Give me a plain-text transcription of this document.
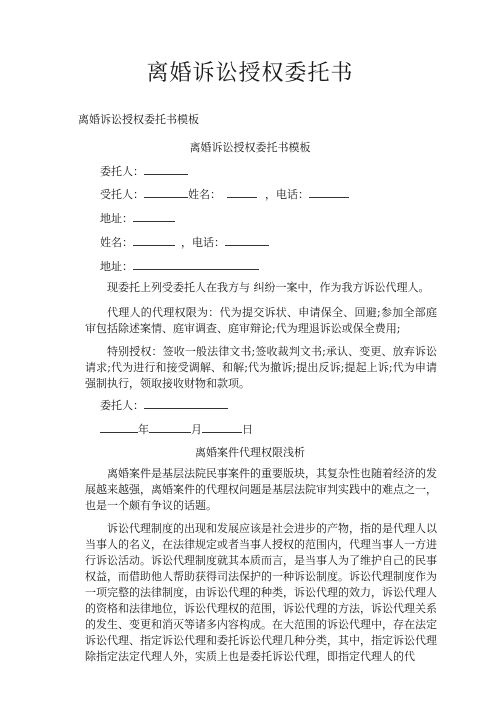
离婚诉讼授权委托书
离婚诉讼授权委托书模板
离婚诉讼授权委托书模板
委托人：
受托人：	姓名：	，电话：
地址：
姓名：	，电话：
地址：
现委托上列受委托人在我方与 纠纷一案中，作为我方诉讼代理人。
代理人的代理权限为：代为提交诉状、申请保全、回避;参加全部庭审包括除述案情、庭审调查、庭审辩论;代为理退诉讼或保全费用;
特别授权：签收一般法律文书;签收裁判文书;承认、变更、放弃诉讼请求;代为进行和接受调解、和解;代为撤诉;提出反诉;提起上诉;代为申请强制执行，领取接收财物和款项。
委托人：
年	月	日
离婚案件代理权限浅析
离婚案件是基层法院民事案件的重要版块，其复杂性也随着经济的发展越来越强，离婚案件的代理权问题是基层法院审判实践中的难点之一，也是一个颇有争议的话题。
诉讼代理制度的出现和发展应该是社会进步的产物，指的是代理人以当事人的名义，在法律规定或者当事人授权的范围内，代理当事人一方进行诉讼活动。诉讼代理制度就其本质而言，是当事人为了维护自己的民事权益，而借助他人帮助获得司法保护的一种诉讼制度。诉讼代理制度作为一项完整的法律制度，由诉讼代理的种类，诉讼代理的效力，诉讼代理人的资格和法律地位，诉讼代理权的范围，诉讼代理的方法，诉讼代理关系的发生、变更和消灭等诸多内容构成。在大范围的诉讼代理中，存在法定诉讼代理、指定诉讼代理和委托诉讼代理几种分类，其中，指定诉讼代理除指定法定代理人外，实质上也是委托诉讼代理，即指定代理人的代
